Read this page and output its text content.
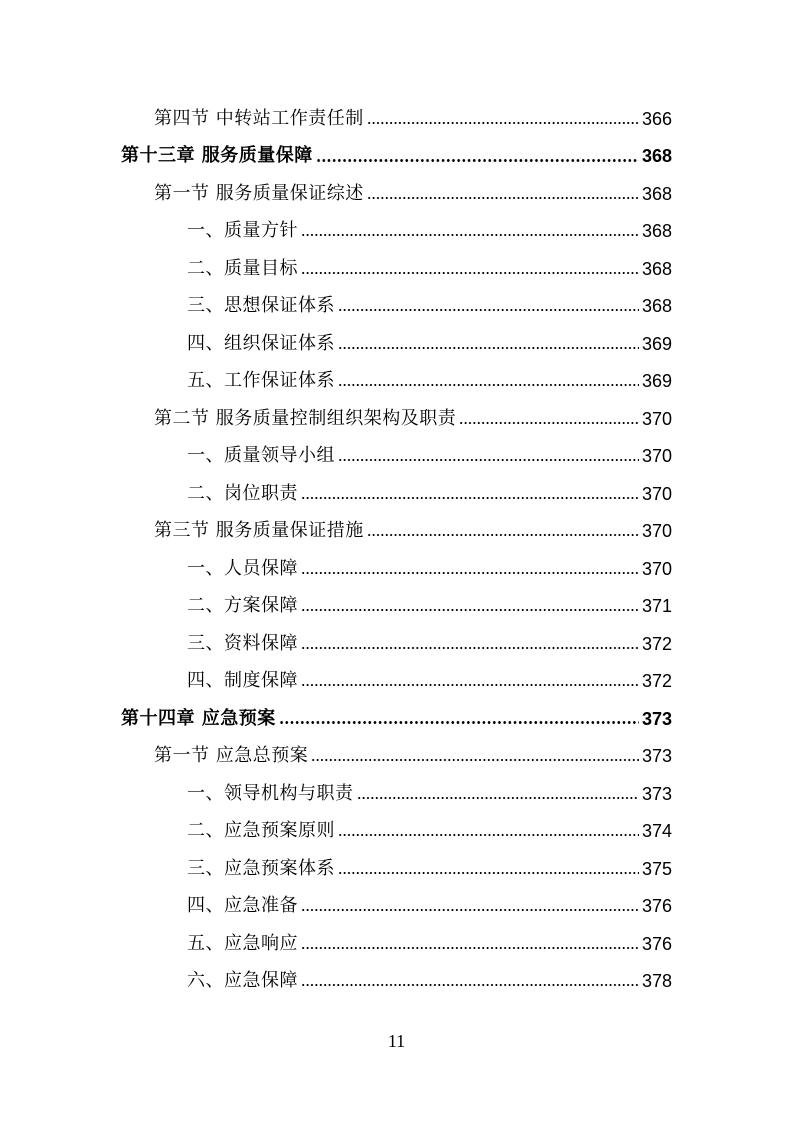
第四节 中转站工作责任制	366
第十三章 服务质量保障	368
第一节 服务质量保证综述	368
一、质量方针	368
二、质量目标	368
三、思想保证体系	368
四、组织保证体系	369
五、工作保证体系	369
第二节 服务质量控制组织架构及职责	370
一、质量领导小组	370
二、岗位职责	370
第三节 服务质量保证措施	370
一、人员保障	370
二、方案保障	371
三、资料保障	372
四、制度保障	372
第十四章 应急预案	373
第一节 应急总预案	373
一、领导机构与职责	373
二、应急预案原则	374
三、应急预案体系	375
四、应急准备	376
五、应急响应	376
六、应急保障	378
11
